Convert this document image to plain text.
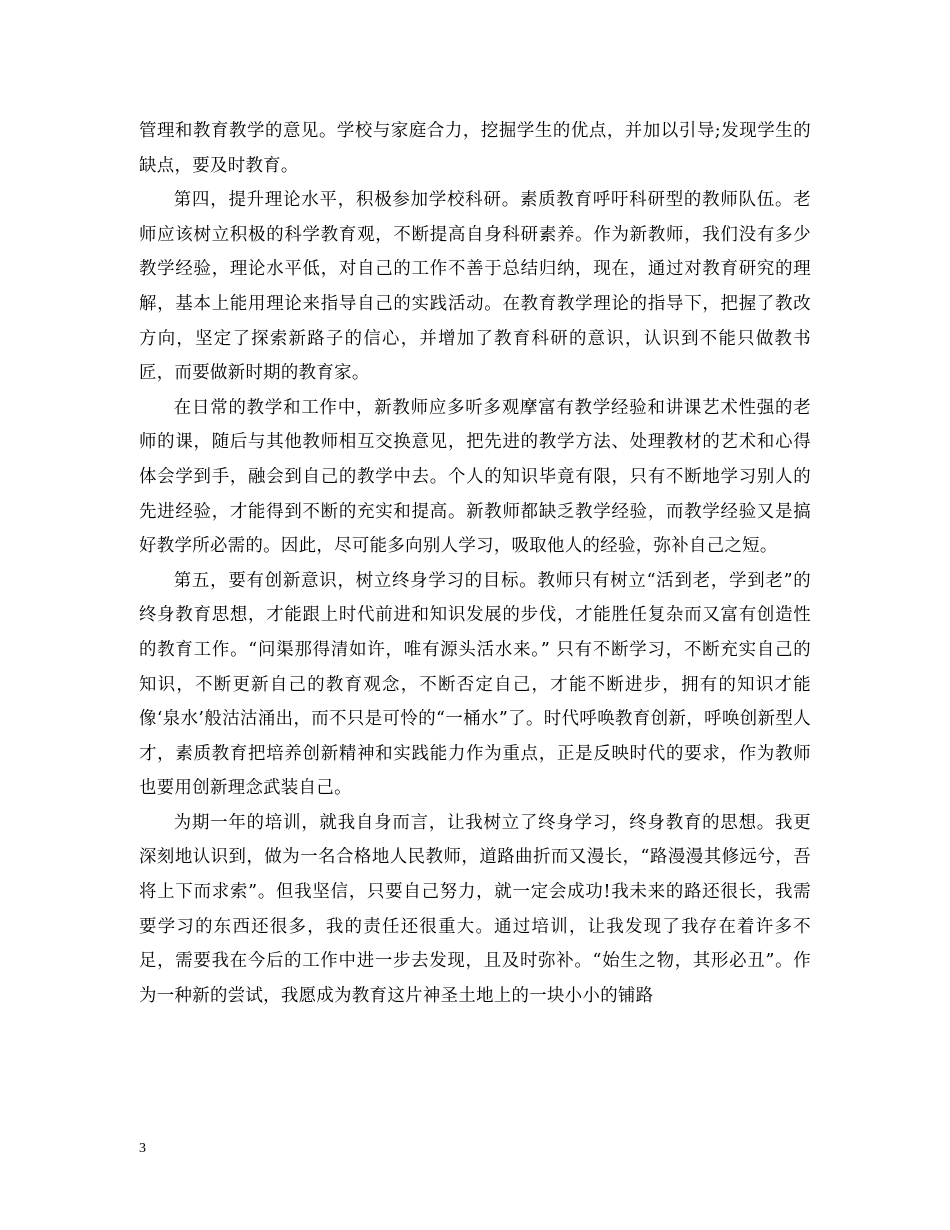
管理和教育教学的意见。学校与家庭合力，挖掘学生的优点，并加以引导;发现学生的缺点，要及时教育。

第四，提升理论水平，积极参加学校科研。素质教育呼吁科研型的教师队伍。老师应该树立积极的科学教育观，不断提高自身科研素养。作为新教师，我们没有多少教学经验，理论水平低，对自己的工作不善于总结归纳，现在，通过对教育研究的理解，基本上能用理论来指导自己的实践活动。在教育教学理论的指导下，把握了教改方向，坚定了探索新路子的信心，并增加了教育科研的意识，认识到不能只做教书匠，而要做新时期的教育家。

在日常的教学和工作中，新教师应多听多观摩富有教学经验和讲课艺术性强的老师的课，随后与其他教师相互交换意见，把先进的教学方法、处理教材的艺术和心得体会学到手，融会到自己的教学中去。个人的知识毕竟有限，只有不断地学习别人的先进经验，才能得到不断的充实和提高。新教师都缺乏教学经验，而教学经验又是搞好教学所必需的。因此，尽可能多向别人学习，吸取他人的经验，弥补自己之短。

第五，要有创新意识，树立终身学习的目标。教师只有树立“活到老，学到老”的终身教育思想，才能跟上时代前进和知识发展的步伐，才能胜任复杂而又富有创造性的教育工作。“问渠那得清如许，唯有源头活水来。” 只有不断学习，不断充实自己的知识，不断更新自己的教育观念，不断否定自己，才能不断进步，拥有的知识才能像‘泉水’般沽沽涌出，而不只是可怜的“一桶水”了。时代呼唤教育创新，呼唤创新型人才，素质教育把培养创新精神和实践能力作为重点，正是反映时代的要求，作为教师也要用创新理念武装自己。

为期一年的培训，就我自身而言，让我树立了终身学习，终身教育的思想。我更深刻地认识到，做为一名合格地人民教师，道路曲折而又漫长，“路漫漫其修远兮，吾将上下而求索”。但我坚信，只要自己努力，就一定会成功!我未来的路还很长，我需要学习的东西还很多，我的责任还很重大。通过培训，让我发现了我存在着许多不足，需要我在今后的工作中进一步去发现，且及时弥补。“始生之物，其形必丑”。作为一种新的尝试，我愿成为教育这片神圣土地上的一块小小的铺路

3
